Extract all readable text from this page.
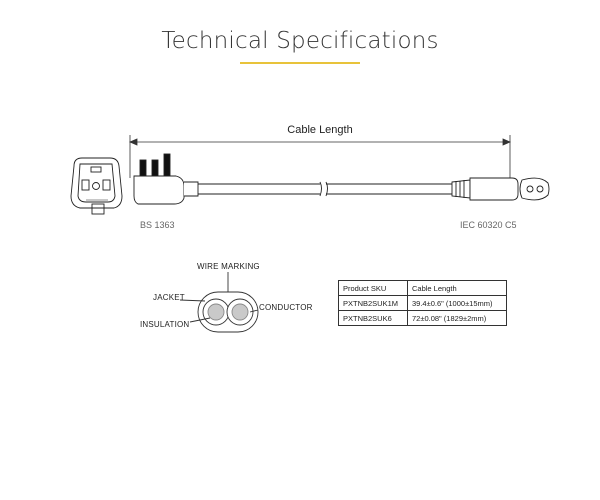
Technical Specifications
Cable Length
BS 1363	IEC 60320 C5
WIRE MARKING
JACKET
CONDUCTOR
INSULATION
Product SKU	Cable Length
PXTNB2SUK1M	39.4±0.6" (1000±15mm)
PXTNB2SUK6	72±0.08" (1829±2mm)
